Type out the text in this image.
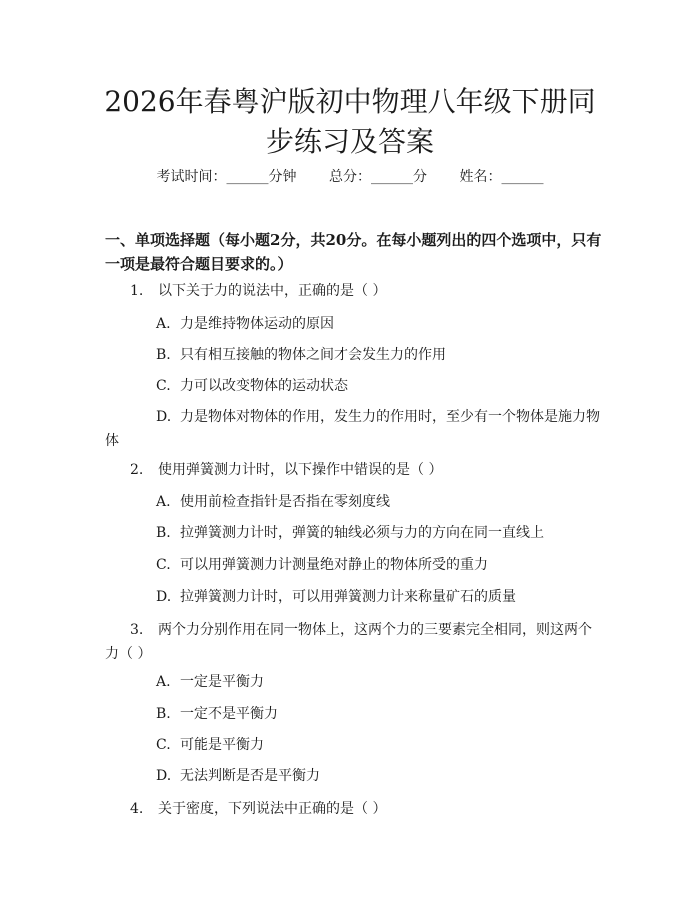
2026年春粤沪版初中物理八年级下册同步练习及答案
考试时间：______分钟 总分：______分 姓名：______
一、单项选择题（每小题2分，共20分。在每小题列出的四个选项中，只有一项是最符合题目要求的。）
1. 以下关于力的说法中，正确的是（ ）
A. 力是维持物体运动的原因
B. 只有相互接触的物体之间才会发生力的作用
C. 力可以改变物体的运动状态
D. 力是物体对物体的作用，发生力的作用时，至少有一个物体是施力物体
2. 使用弹簧测力计时，以下操作中错误的是（ ）
A. 使用前检查指针是否指在零刻度线
B. 拉弹簧测力计时，弹簧的轴线必须与力的方向在同一直线上
C. 可以用弹簧测力计测量绝对静止的物体所受的重力
D. 拉弹簧测力计时，可以用弹簧测力计来称量矿石的质量
3. 两个力分别作用在同一物体上，这两个力的三要素完全相同，则这两个力（ ）
A. 一定是平衡力
B. 一定不是平衡力
C. 可能是平衡力
D. 无法判断是否是平衡力
4. 关于密度，下列说法中正确的是（ ）
